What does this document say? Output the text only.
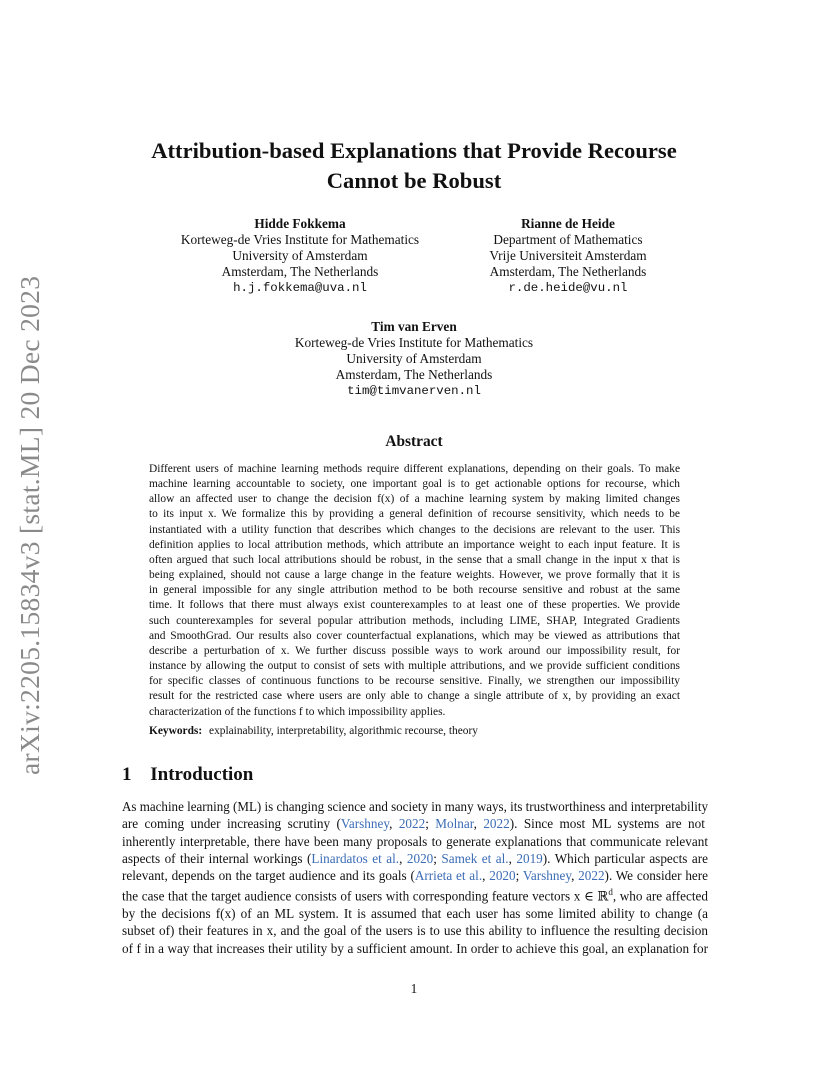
arXiv:2205.15834v3 [stat.ML] 20 Dec 2023
Attribution-based Explanations that Provide Recourse
Cannot be Robust
Hidde Fokkema
Korteweg-de Vries Institute for Mathematics
University of Amsterdam
Amsterdam, The Netherlands
h.j.fokkema@uva.nl
Rianne de Heide
Department of Mathematics
Vrije Universiteit Amsterdam
Amsterdam, The Netherlands
r.de.heide@vu.nl
Tim van Erven
Korteweg-de Vries Institute for Mathematics
University of Amsterdam
Amsterdam, The Netherlands
tim@timvanerven.nl
Abstract
Different users of machine learning methods require different explanations, depending on their goals. To make
machine learning accountable to society, one important goal is to get actionable options for recourse, which
allow an affected user to change the decision f(x) of a machine learning system by making limited changes
to its input x. We formalize this by providing a general definition of recourse sensitivity, which needs to be
instantiated with a utility function that describes which changes to the decisions are relevant to the user. This
definition applies to local attribution methods, which attribute an importance weight to each input feature. It is
often argued that such local attributions should be robust, in the sense that a small change in the input x that is
being explained, should not cause a large change in the feature weights. However, we prove formally that it is
in general impossible for any single attribution method to be both recourse sensitive and robust at the same
time. It follows that there must always exist counterexamples to at least one of these properties. We provide
such counterexamples for several popular attribution methods, including LIME, SHAP, Integrated Gradients
and SmoothGrad. Our results also cover counterfactual explanations, which may be viewed as attributions that
describe a perturbation of x. We further discuss possible ways to work around our impossibility result, for
instance by allowing the output to consist of sets with multiple attributions, and we provide sufficient conditions
for specific classes of continuous functions to be recourse sensitive. Finally, we strengthen our impossibility
result for the restricted case where users are only able to change a single attribute of x, by providing an exact
characterization of the functions f to which impossibility applies.

Keywords: explainability, interpretability, algorithmic recourse, theory
1 Introduction
As machine learning (ML) is changing science and society in many ways, its trustworthiness and interpretability
are coming under increasing scrutiny (Varshney, 2022; Molnar, 2022). Since most ML systems are not
inherently interpretable, there have been many proposals to generate explanations that communicate relevant
aspects of their internal workings (Linardatos et al., 2020; Samek et al., 2019). Which particular aspects are
relevant, depends on the target audience and its goals (Arrieta et al., 2020; Varshney, 2022). We consider here
the case that the target audience consists of users with corresponding feature vectors x ∈ ℝ$^d$, who are affected
by the decisions f(x) of an ML system. It is assumed that each user has some limited ability to change (a
subset of) their features in x, and the goal of the users is to use this ability to influence the resulting decision
of f in a way that increases their utility by a sufficient amount. In order to achieve this goal, an explanation for

1
